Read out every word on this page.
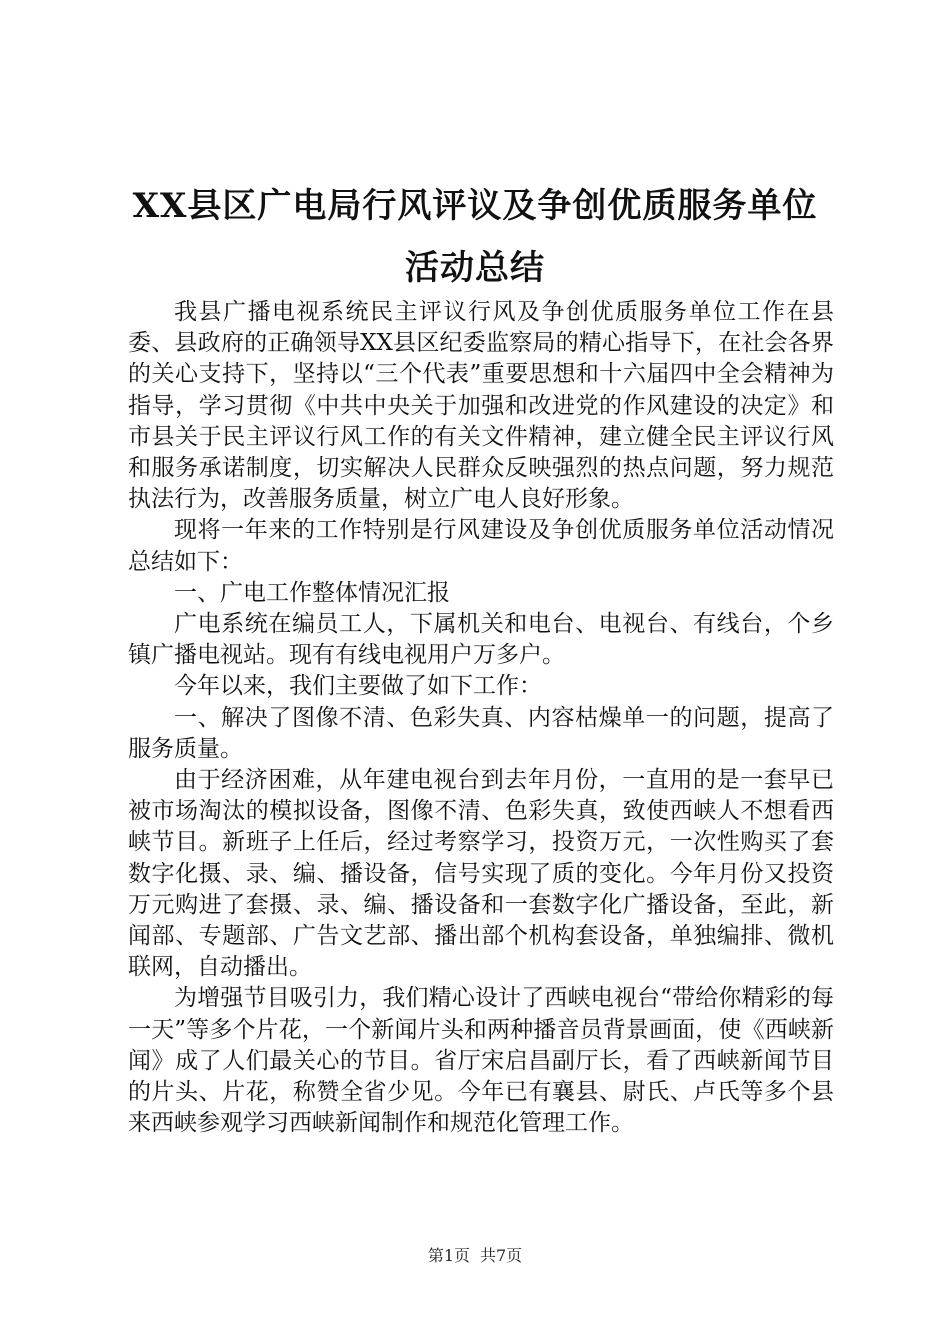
XX县区广电局行风评议及争创优质服务单位
活动总结

我县广播电视系统民主评议行风及争创优质服务单位工作在县委、县政府的正确领导XX县区纪委监察局的精心指导下，在社会各界的关心支持下，坚持以“三个代表”重要思想和十六届四中全会精神为指导，学习贯彻《中共中央关于加强和改进党的作风建设的决定》和市县关于民主评议行风工作的有关文件精神，建立健全民主评议行风和服务承诺制度，切实解决人民群众反映强烈的热点问题，努力规范执法行为，改善服务质量，树立广电人良好形象。

现将一年来的工作特别是行风建设及争创优质服务单位活动情况总结如下：

一、广电工作整体情况汇报

广电系统在编员工人，下属机关和电台、电视台、有线台，个乡镇广播电视站。现有有线电视用户万多户。

今年以来，我们主要做了如下工作：

一、解决了图像不清、色彩失真、内容枯燥单一的问题，提高了服务质量。

由于经济困难，从年建电视台到去年月份，一直用的是一套早已被市场淘汰的模拟设备，图像不清、色彩失真，致使西峡人不想看西峡节目。新班子上任后，经过考察学习，投资万元，一次性购买了套数字化摄、录、编、播设备，信号实现了质的变化。今年月份又投资万元购进了套摄、录、编、播设备和一套数字化广播设备，至此，新闻部、专题部、广告文艺部、播出部个机构套设备，单独编排、微机联网，自动播出。

为增强节目吸引力，我们精心设计了西峡电视台“带给你精彩的每一天”等多个片花，一个新闻片头和两种播音员背景画面，使《西峡新闻》成了人们最关心的节目。省厅宋启昌副厅长，看了西峡新闻节目的片头、片花，称赞全省少见。今年已有襄县、尉氏、卢氏等多个县来西峡参观学习西峡新闻制作和规范化管理工作。

第1页 共7页
